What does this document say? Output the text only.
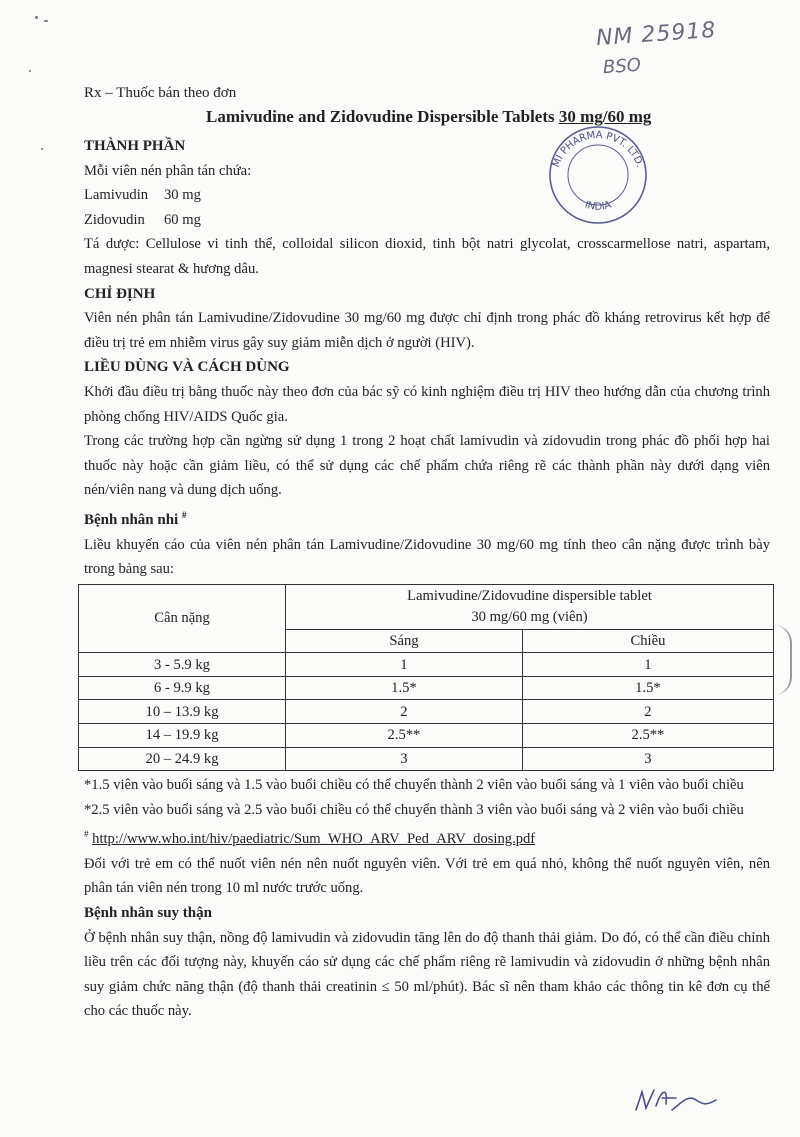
NM 25918
BSO
Rx – Thuốc bán theo đơn
Lamivudine and Zidovudine Dispersible Tablets 30 mg/60 mg
MI PHARMA PVT. LTD.
INDIA
THÀNH PHẦN

Mỗi viên nén phân tán chứa:

Lamivudin	30 mg
Zidovudin	60 mg

Tá dược: Cellulose vi tinh thể, colloidal silicon dioxid, tinh bột natri glycolat, crosscarmellose natri, aspartam, magnesi stearat & hương dâu.

CHỈ ĐỊNH

Viên nén phân tán Lamivudine/Zidovudine 30 mg/60 mg được chỉ định trong phác đồ kháng retrovirus kết hợp để điều trị trẻ em nhiễm virus gây suy giảm miễn dịch ở người (HIV).

LIỀU DÙNG VÀ CÁCH DÙNG

Khởi đầu điều trị bằng thuốc này theo đơn của bác sỹ có kinh nghiệm điều trị HIV theo hướng dẫn của chương trình phòng chống HIV/AIDS Quốc gia.

Trong các trường hợp cần ngừng sử dụng 1 trong 2 hoạt chất lamivudin và zidovudin trong phác đồ phối hợp hai thuốc này hoặc cần giảm liều, có thể sử dụng các chế phẩm chứa riêng rẽ các thành phần này dưới dạng viên nén/viên nang và dung dịch uống.

Bệnh nhân nhi #

Liều khuyến cáo của viên nén phân tán Lamivudine/Zidovudine 30 mg/60 mg tính theo cân nặng được trình bày trong bảng sau:

Cân nặng	Lamivudine/Zidovudine dispersible tablet
30 mg/60 mg (viên)	

	Sáng	Chiều
3 - 5.9 kg	1	1
6 - 9.9 kg	1.5*	1.5*
10 – 13.9 kg	2	2
14 – 19.9 kg	2.5**	2.5**
20 – 24.9 kg	3	3

*1.5 viên vào buổi sáng và 1.5 vào buổi chiều có thể chuyển thành 2 viên vào buổi sáng và 1 viên vào buổi chiều

*2.5 viên vào buổi sáng và 2.5 vào buổi chiều có thể chuyển thành 3 viên vào buổi sáng và 2 viên vào buổi chiều

# http://www.who.int/hiv/paediatric/Sum_WHO_ARV_Ped_ARV_dosing.pdf

Đối với trẻ em có thể nuốt viên nén nên nuốt nguyên viên. Với trẻ em quá nhỏ, không thể nuốt nguyên viên, nên phân tán viên nén trong 10 ml nước trước uống.

Bệnh nhân suy thận

Ở bệnh nhân suy thận, nồng độ lamivudin và zidovudin tăng lên do độ thanh thải giảm. Do đó, có thể cần điều chỉnh liều trên các đối tượng này, khuyến cáo sử dụng các chế phẩm riêng rẽ lamivudin và zidovudin ở những bệnh nhân suy giảm chức năng thận (độ thanh thải creatinin ≤ 50 ml/phút). Bác sĩ nên tham khảo các thông tin kê đơn cụ thể cho các thuốc này.
